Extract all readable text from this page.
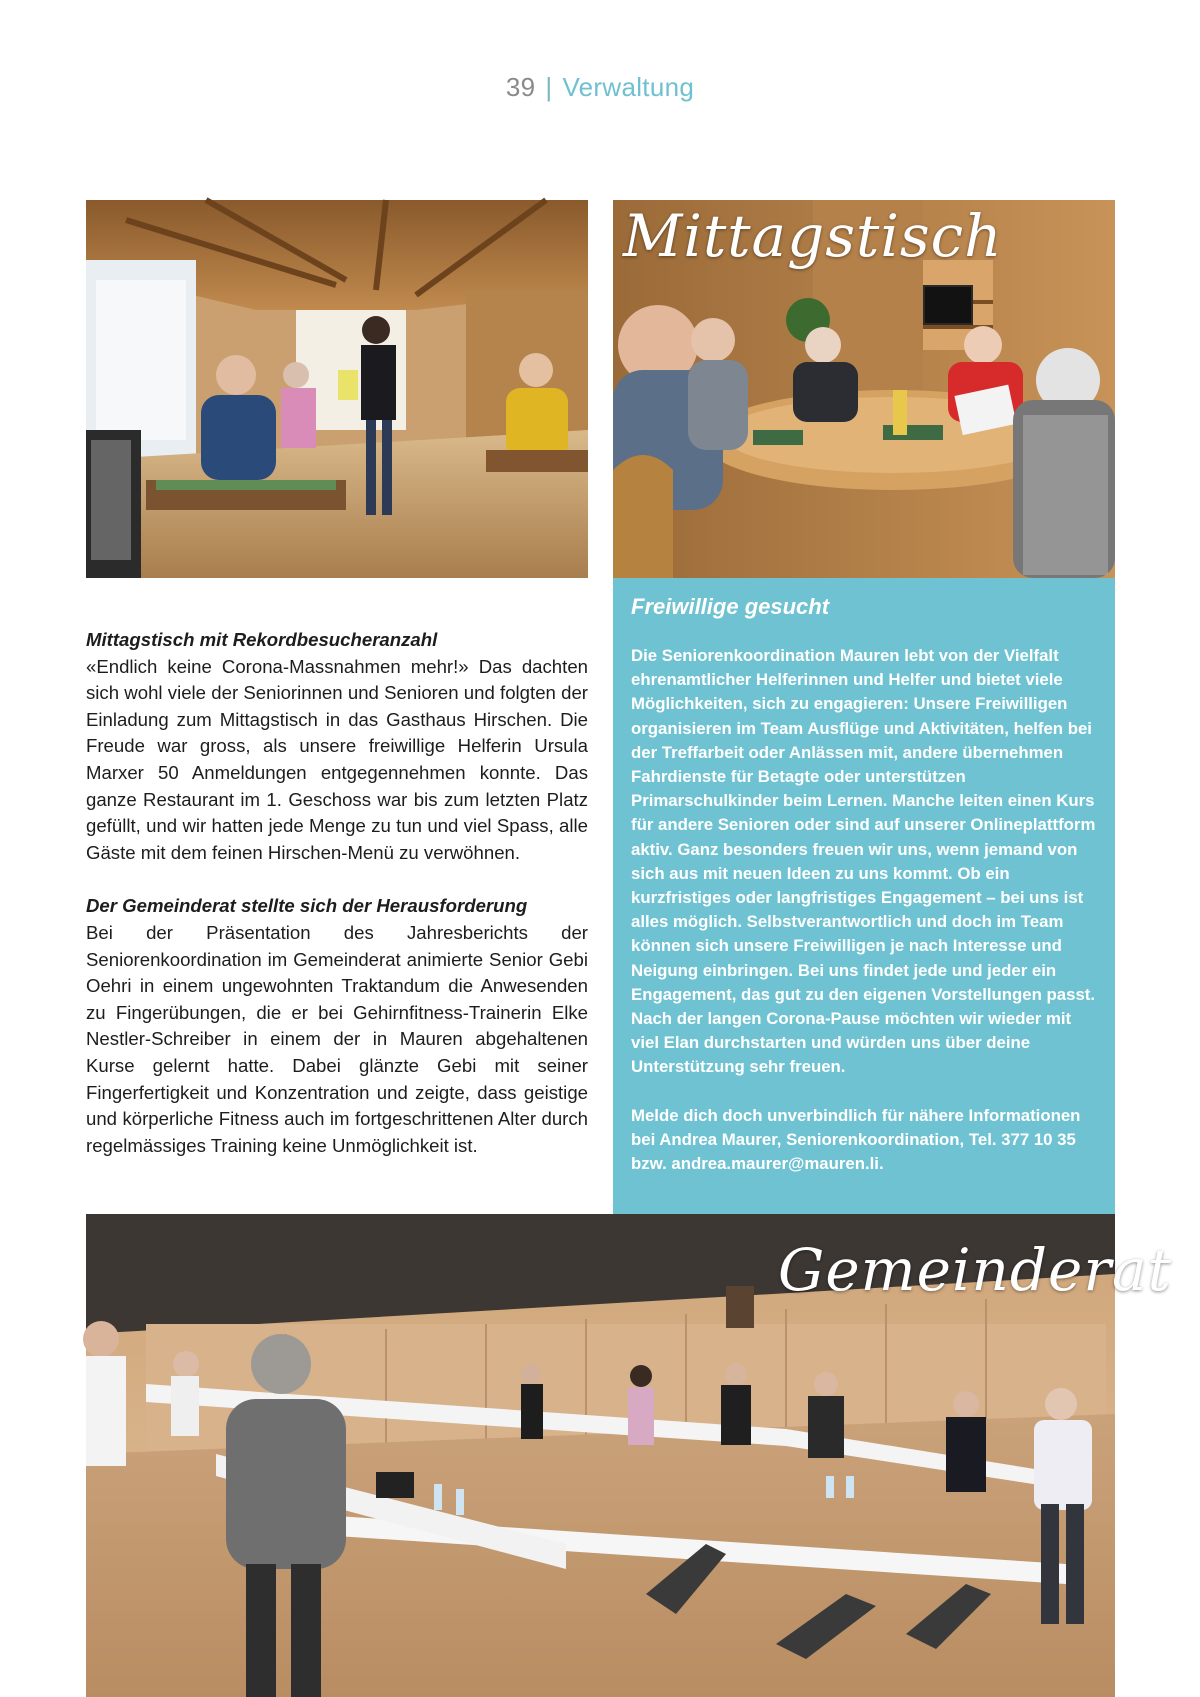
39 | Verwaltung
Mittagstisch
Mittagstisch mit Rekordbesucheranzahl

«Endlich keine Corona-Massnahmen mehr!» Das dachten sich wohl viele der Seniorinnen und Senioren und folgten der Einladung zum Mittagstisch in das Gasthaus Hirschen. Die Freude war gross, als unsere freiwillige Helferin Ursula Marxer 50 Anmeldungen entgegennehmen konnte. Das ganze Restaurant im 1. Geschoss war bis zum letzten Platz gefüllt, und wir hatten jede Menge zu tun und viel Spass, alle Gäste mit dem feinen Hirschen-Menü zu verwöhnen.

Der Gemeinderat stellte sich der Herausforderung

Bei der Präsentation des Jahresberichts der Seniorenkoordination im Gemeinderat animierte Senior Gebi Oehri in einem ungewohnten Traktandum die Anwesenden zu Fingerübungen, die er bei Gehirnfitness-Trainerin Elke Nestler-Schreiber in einem der in Mauren abgehaltenen Kurse gelernt hatte. Dabei glänzte Gebi mit seiner Fingerfertigkeit und Konzentration und zeigte, dass geistige und körperliche Fitness auch im fortgeschrittenen Alter durch regelmässiges Training keine Unmöglichkeit ist.

Freiwillige gesucht

Die Seniorenkoordination Mauren lebt von der Vielfalt ehrenamtlicher Helferinnen und Helfer und bietet viele Möglichkeiten, sich zu engagieren: Unsere Freiwilligen organisieren im Team Ausflüge und Aktivitäten, helfen bei der Treffarbeit oder Anlässen mit, andere übernehmen Fahrdienste für Betagte oder unterstützen Primarschulkinder beim Lernen. Manche leiten einen Kurs für andere Senioren oder sind auf unserer Onlineplattform aktiv. Ganz besonders freuen wir uns, wenn jemand von sich aus mit neuen Ideen zu uns kommt. Ob ein kurzfristiges oder langfristiges Engagement – bei uns ist alles möglich. Selbstverantwortlich und doch im Team können sich unsere Freiwilligen je nach Interesse und Neigung einbringen. Bei uns findet jede und jeder ein Engagement, das gut zu den eigenen Vorstellungen passt. Nach der langen Corona-Pause möchten wir wieder mit viel Elan durchstarten und würden uns über deine Unterstützung sehr freuen.

Melde dich doch unverbindlich für nähere Informationen bei Andrea Maurer, Seniorenkoordination, Tel. 377 10 35 bzw. andrea.maurer@mauren.li.

Gemeinderat
